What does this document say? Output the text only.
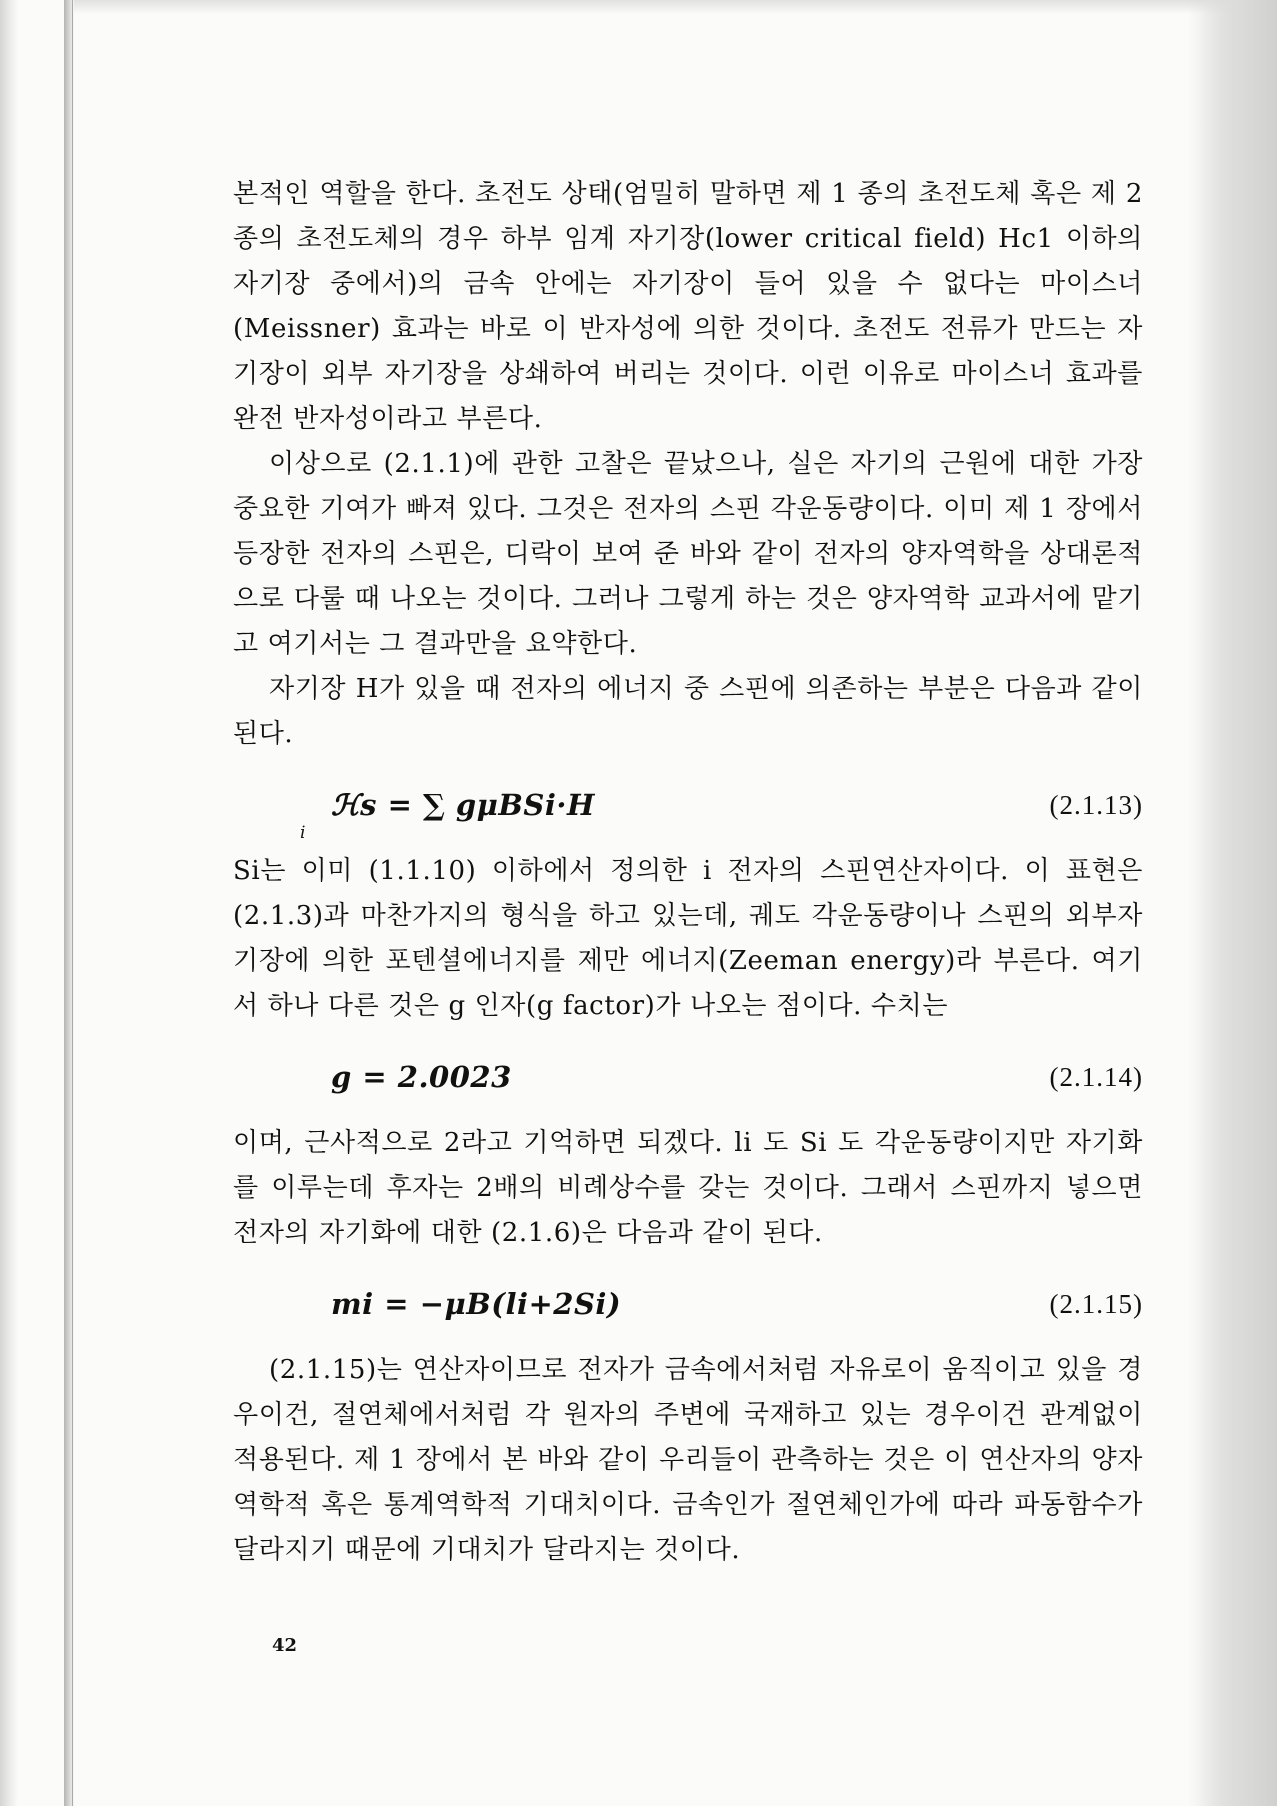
본적인 역할을 한다. 초전도 상태(엄밀히 말하면 제 1 종의 초전도체 혹은 제 2 종의 초전도체의 경우 하부 임계 자기장(lower critical field) Hc1 이하의 자기장 중에서)의 금속 안에는 자기장이 들어 있을 수 없다는 마이스너(Meissner) 효과는 바로 이 반자성에 의한 것이다. 초전도 전류가 만드는 자기장이 외부 자기장을 상쇄하여 버리는 것이다. 이런 이유로 마이스너 효과를 완전 반자성이라고 부른다.

이상으로 (2.1.1)에 관한 고찰은 끝났으나, 실은 자기의 근원에 대한 가장 중요한 기여가 빠져 있다. 그것은 전자의 스핀 각운동량이다. 이미 제 1 장에서 등장한 전자의 스핀은, 디락이 보여 준 바와 같이 전자의 양자역학을 상대론적으로 다룰 때 나오는 것이다. 그러나 그렇게 하는 것은 양자역학 교과서에 맡기고 여기서는 그 결과만을 요약한다.

자기장 H가 있을 때 전자의 에너지 중 스핀에 의존하는 부분은 다음과 같이 된다.

ℋs = ∑ gμBSi·H
i
(2.1.13)

Si는 이미 (1.1.10) 이하에서 정의한 i 전자의 스핀연산자이다. 이 표현은 (2.1.3)과 마찬가지의 형식을 하고 있는데, 궤도 각운동량이나 스핀의 외부자기장에 의한 포텐셜에너지를 제만 에너지(Zeeman energy)라 부른다. 여기서 하나 다른 것은 g 인자(g factor)가 나오는 점이다. 수치는

g = 2.0023	(2.1.14)

이며, 근사적으로 2라고 기억하면 되겠다. li 도 Si 도 각운동량이지만 자기화를 이루는데 후자는 2배의 비례상수를 갖는 것이다. 그래서 스핀까지 넣으면 전자의 자기화에 대한 (2.1.6)은 다음과 같이 된다.

mi = −μB(li+2Si)	(2.1.15)

(2.1.15)는 연산자이므로 전자가 금속에서처럼 자유로이 움직이고 있을 경우이건, 절연체에서처럼 각 원자의 주변에 국재하고 있는 경우이건 관계없이 적용된다. 제 1 장에서 본 바와 같이 우리들이 관측하는 것은 이 연산자의 양자역학적 혹은 통계역학적 기대치이다. 금속인가 절연체인가에 따라 파동함수가 달라지기 때문에 기대치가 달라지는 것이다.

42
